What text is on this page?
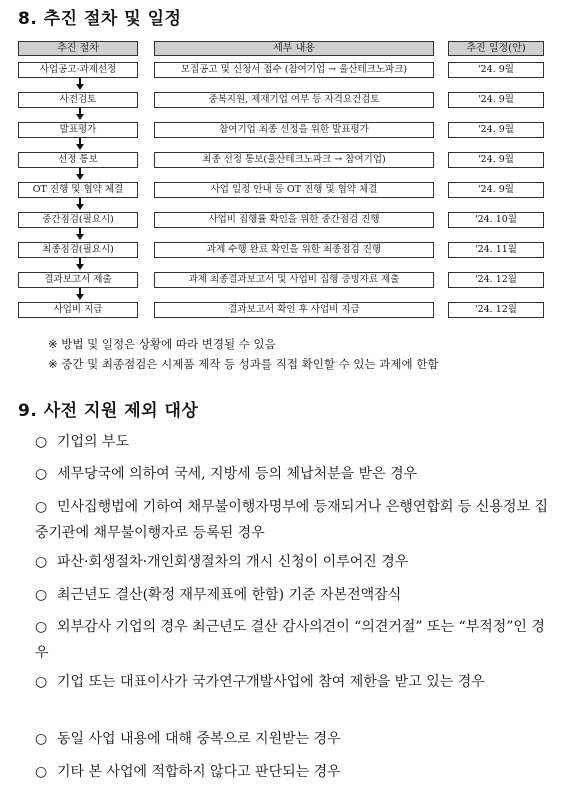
8. 추진 절차 및 일정
추진 절차	세부 내용	추진 일정(안)
사업공고·과제선정	모집공고 및 신청서 접수 (참여기업 → 울산테크노파크)	'24. 9월
사전검토	중복지원, 제재기업 여부 등 자격요건검토	'24. 9월
발표평가	참여기업 최종 선정을 위한 발표평가	'24. 9월
선정 통보	최종 선정 통보(울산테크노파크 → 참여기업)	'24. 9월
OT 진행 및 협약 체결	사업 일정 안내 등 OT 진행 및 협약 체결	'24. 9월
중간점검(필요시)	사업비 집행률 확인을 위한 중간점검 진행	'24. 10월
최종점검(필요시)	과제 수행 완료 확인을 위한 최종점검 진행	'24. 11월
결과보고서 제출	과제 최종결과보고서 및 사업비 집행 증빙자료 제출	'24. 12월
사업비 지급	결과보고서 확인 후 사업비 지급	'24. 12월
※ 방법 및 일정은 상황에 따라 변경될 수 있음
※ 중간 및 최종점검은 시제품 제작 등 성과를 직접 확인할 수 있는 과제에 한함
9. 사전 지원 제외 대상
○ 기업의 부도
○ 세무당국에 의하여 국세, 지방세 등의 체납처분을 받은 경우
○ 민사집행법에 기하여 채무불이행자명부에 등재되거나 은행연합회 등 신용정보 집중기관에 채무불이행자로 등록된 경우
○ 파산·회생절차·개인회생절차의 개시 신청이 이루어진 경우
○ 최근년도 결산(확정 재무제표에 한함) 기준 자본전액잠식
○ 외부감사 기업의 경우 최근년도 결산 감사의견이 “의견거절” 또는 “부적정”인 경우
○ 기업 또는 대표이사가 국가연구개발사업에 참여 제한을 받고 있는 경우
○ 동일 사업 내용에 대해 중복으로 지원받는 경우
○ 기타 본 사업에 적합하지 않다고 판단되는 경우
